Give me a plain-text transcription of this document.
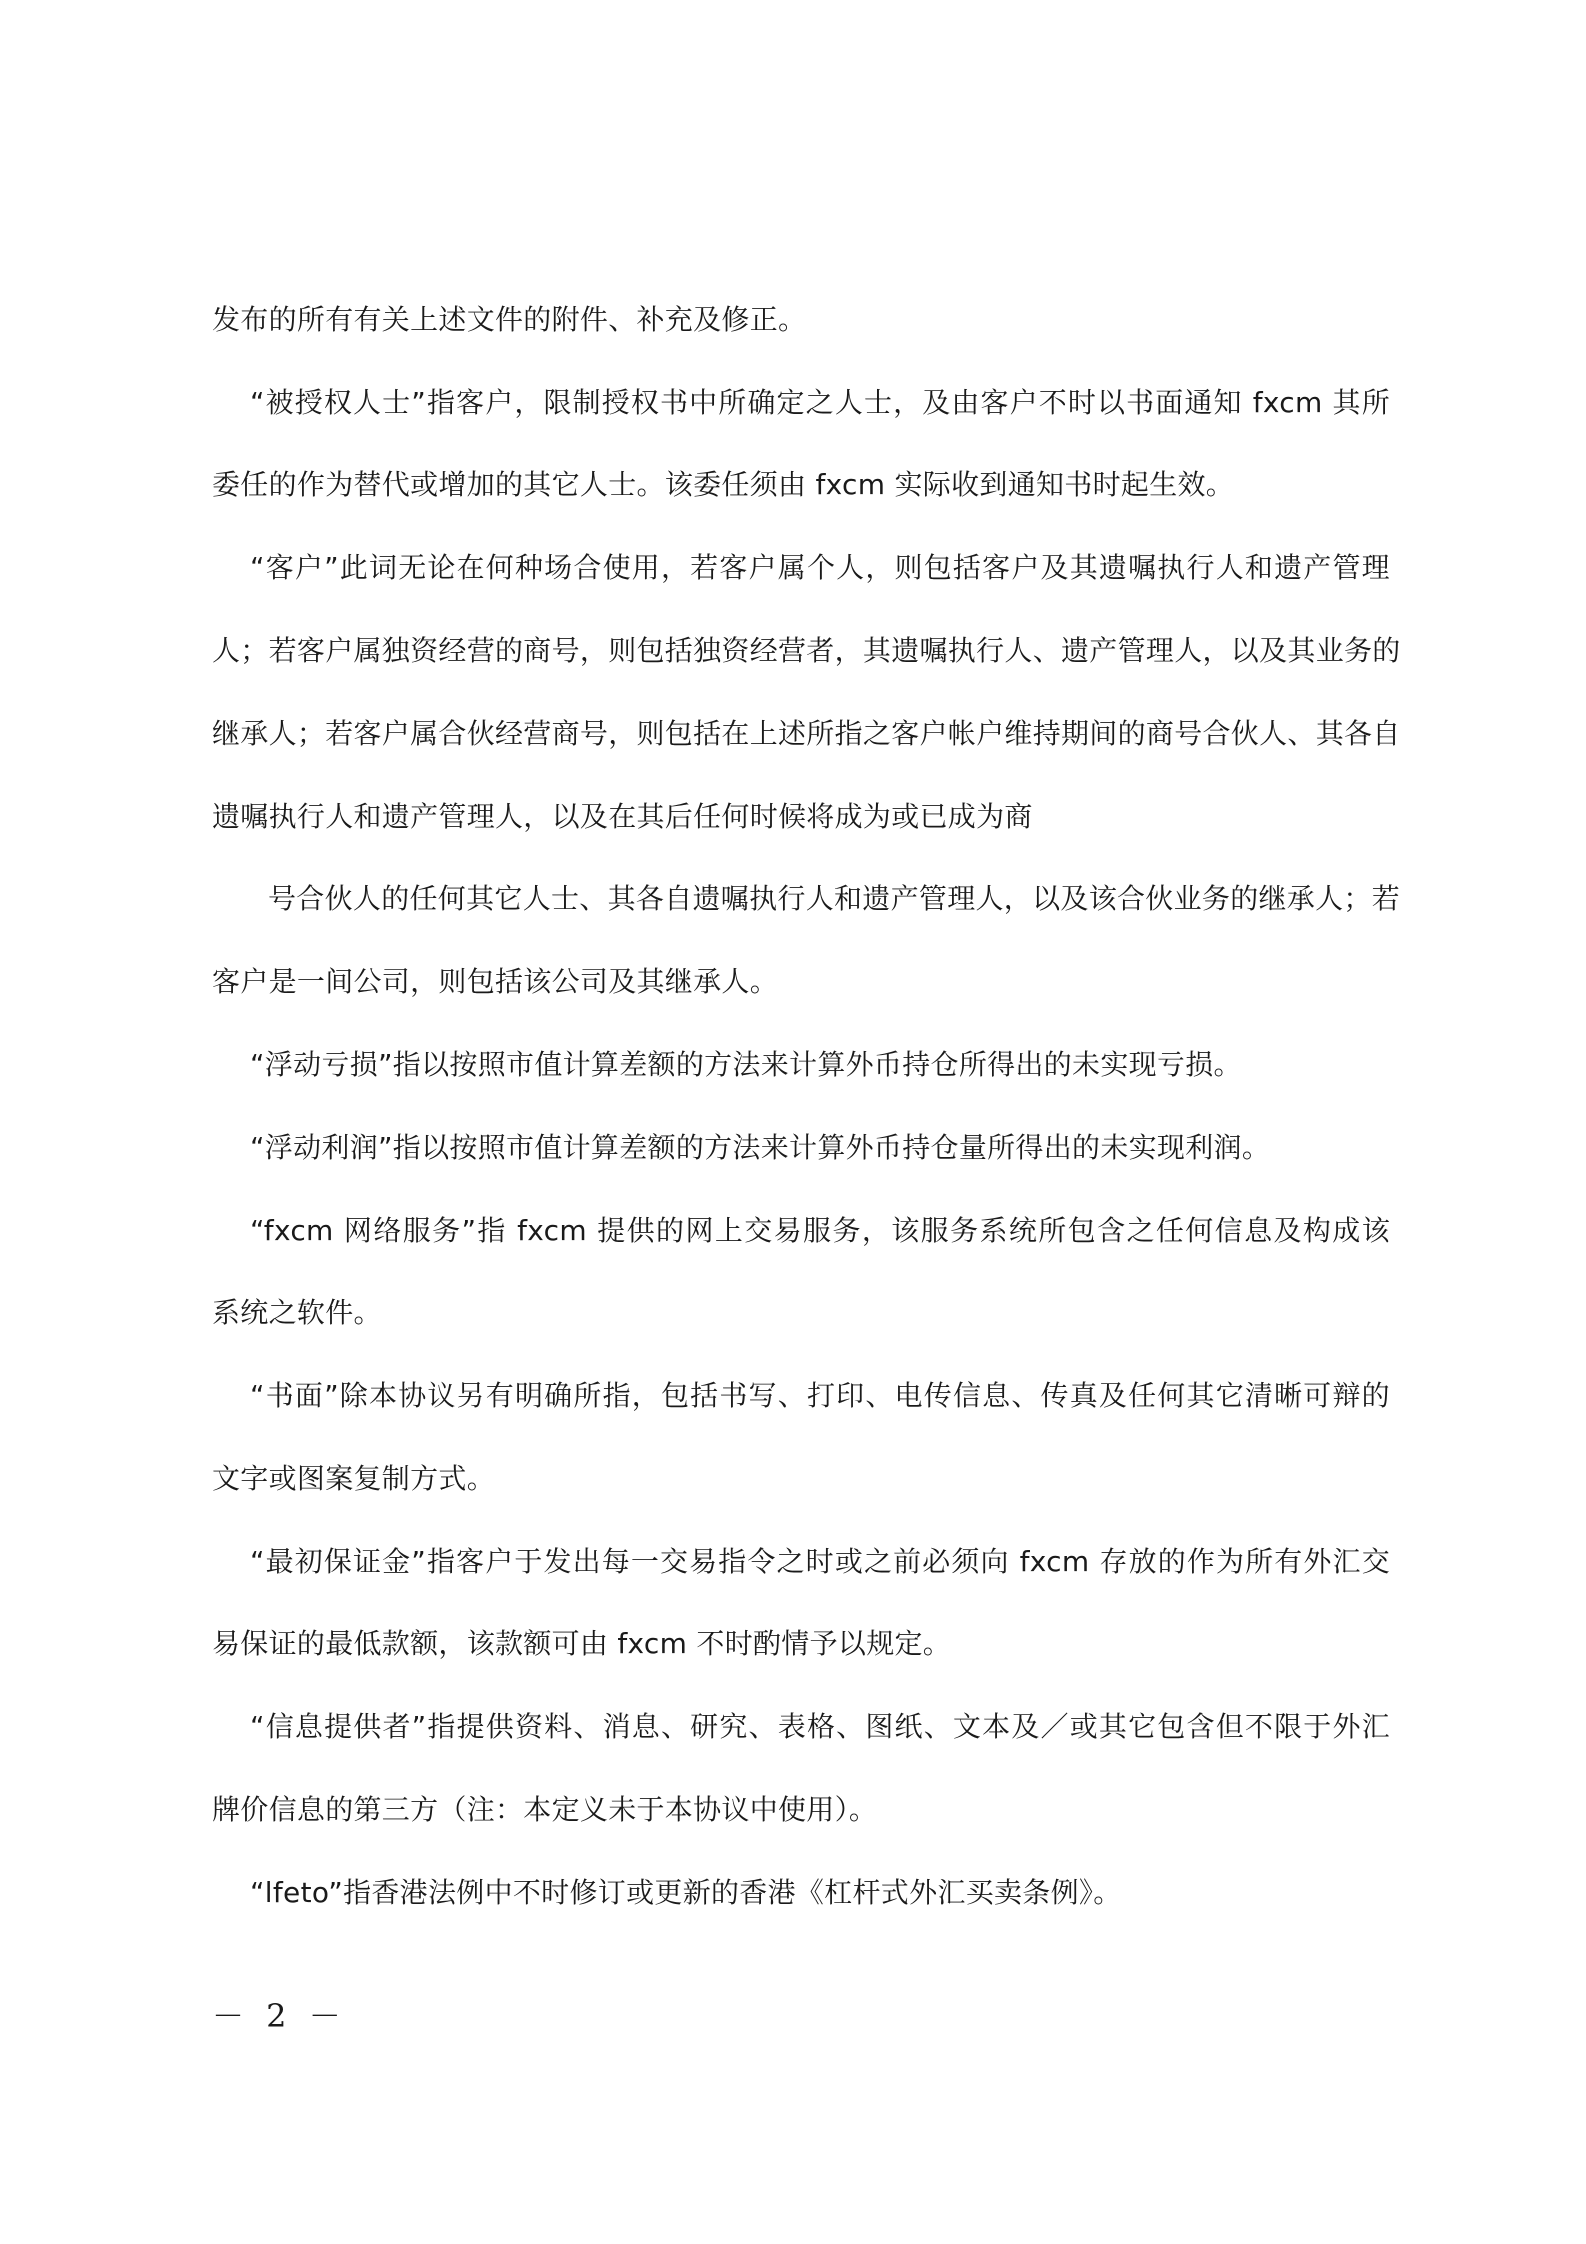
发布的所有有关上述文件的附件、补充及修正。
“被授权人士”指客户，限制授权书中所确定之人士，及由客户不时以书面通知 fxcm 其所
委任的作为替代或增加的其它人士。该委任须由 fxcm 实际收到通知书时起生效。
“客户”此词无论在何种场合使用，若客户属个人，则包括客户及其遗嘱执行人和遗产管理
人；若客户属独资经营的商号，则包括独资经营者，其遗嘱执行人、遗产管理人，以及其业务的
继承人；若客户属合伙经营商号，则包括在上述所指之客户帐户维持期间的商号合伙人、其各自
遗嘱执行人和遗产管理人，以及在其后任何时候将成为或已成为商
号合伙人的任何其它人士、其各自遗嘱执行人和遗产管理人，以及该合伙业务的继承人；若
客户是一间公司，则包括该公司及其继承人。
“浮动亏损”指以按照市值计算差额的方法来计算外币持仓所得出的未实现亏损。
“浮动利润”指以按照市值计算差额的方法来计算外币持仓量所得出的未实现利润。
“fxcm 网络服务”指 fxcm 提供的网上交易服务，该服务系统所包含之任何信息及构成该
系统之软件。
“书面”除本协议另有明确所指，包括书写、打印、电传信息、传真及任何其它清晰可辩的
文字或图案复制方式。
“最初保证金”指客户于发出每一交易指令之时或之前必须向 fxcm 存放的作为所有外汇交
易保证的最低款额，该款额可由 fxcm 不时酌情予以规定。
“信息提供者”指提供资料、消息、研究、表格、图纸、文本及／或其它包含但不限于外汇
牌价信息的第三方（注：本定义未于本协议中使用）。
“lfeto”指香港法例中不时修订或更新的香港《杠杆式外汇买卖条例》。
－ 2 －
